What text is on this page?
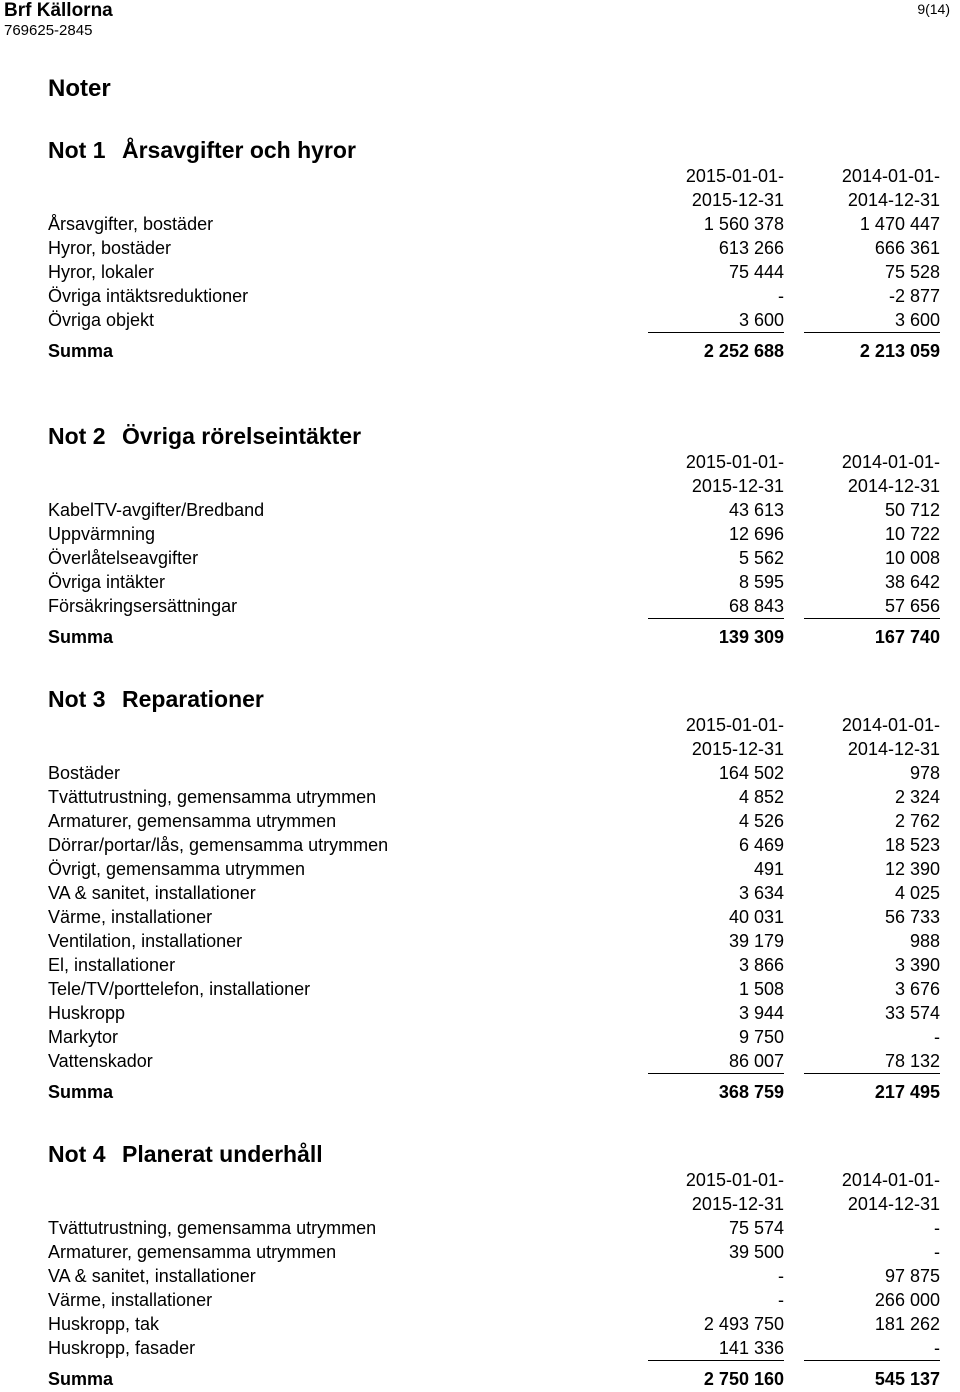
Brf Källorna
769625-2845
9(14)
Noter
Not 1 Årsavgifter och hyror
2015-01-01-	2014-01-01-
2015-12-31	2014-12-31
Årsavgifter, bostäder	1 560 378	1 470 447
Hyror, bostäder	613 266	666 361
Hyror, lokaler	75 444	75 528
Övriga intäktsreduktioner	-	-2 877
Övriga objekt	3 600	3 600
Summa	2 252 688	2 213 059
Not 2 Övriga rörelseintäkter
2015-01-01-	2014-01-01-
2015-12-31	2014-12-31
KabelTV-avgifter/Bredband	43 613	50 712
Uppvärmning	12 696	10 722
Överlåtelseavgifter	5 562	10 008
Övriga intäkter	8 595	38 642
Försäkringsersättningar	68 843	57 656
Summa	139 309	167 740
Not 3 Reparationer
2015-01-01-	2014-01-01-
2015-12-31	2014-12-31
Bostäder	164 502	978
Tvättutrustning, gemensamma utrymmen	4 852	2 324
Armaturer, gemensamma utrymmen	4 526	2 762
Dörrar/portar/lås, gemensamma utrymmen	6 469	18 523
Övrigt, gemensamma utrymmen	491	12 390
VA & sanitet, installationer	3 634	4 025
Värme, installationer	40 031	56 733
Ventilation, installationer	39 179	988
El, installationer	3 866	3 390
Tele/TV/porttelefon, installationer	1 508	3 676
Huskropp	3 944	33 574
Markytor	9 750	-
Vattenskador	86 007	78 132
Summa	368 759	217 495
Not 4 Planerat underhåll
2015-01-01-	2014-01-01-
2015-12-31	2014-12-31
Tvättutrustning, gemensamma utrymmen	75 574	-
Armaturer, gemensamma utrymmen	39 500	-
VA & sanitet, installationer	-	97 875
Värme, installationer	-	266 000
Huskropp, tak	2 493 750	181 262
Huskropp, fasader	141 336	-
Summa	2 750 160	545 137
